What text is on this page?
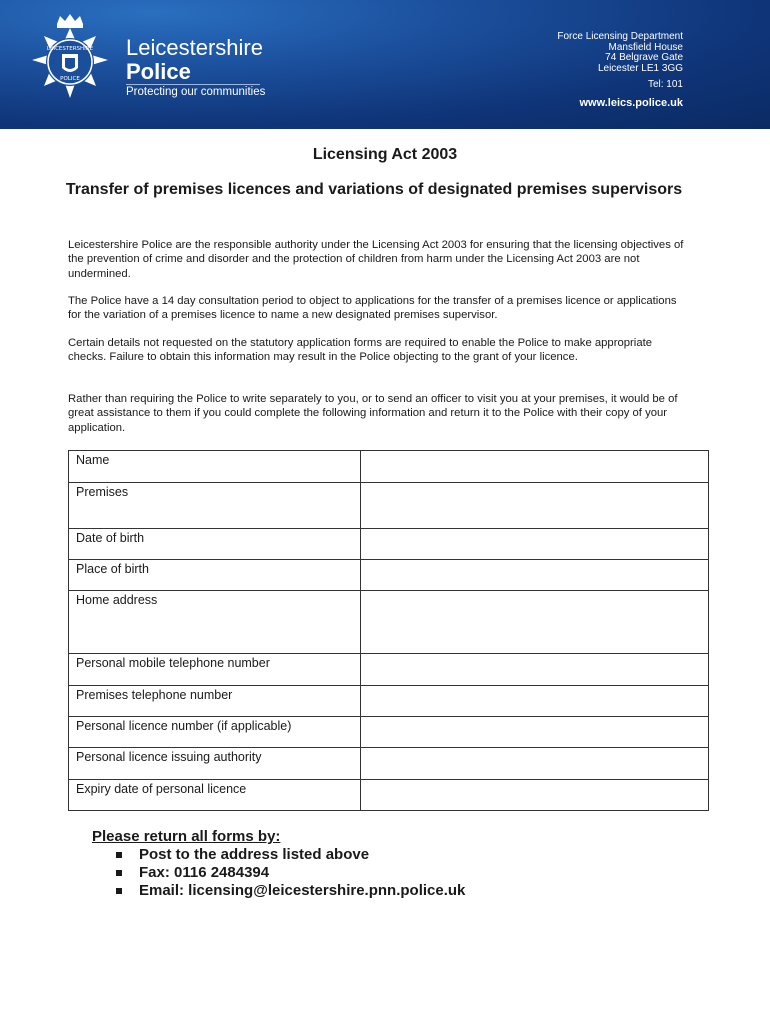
LEICESTERSHIRE
POLICE
Leicestershire
Police
Protecting our communities
Force Licensing Department
Mansfield House
74 Belgrave Gate
Leicester LE1 3GG
Tel: 101
www.leics.police.uk
Licensing Act 2003
Transfer of premises licences and variations of designated premises supervisors

Leicestershire Police are the responsible authority under the Licensing Act 2003 for ensuring that the licensing objectives of the prevention of crime and disorder and the protection of children from harm under the Licensing Act 2003 are not undermined.

The Police have a 14 day consultation period to object to applications for the transfer of a premises licence or applications for the variation of a premises licence to name a new designated premises supervisor.

Certain details not requested on the statutory application forms are required to enable the Police to make appropriate checks. Failure to obtain this information may result in the Police objecting to the grant of your licence.

Rather than requiring the Police to write separately to you, or to send an officer to visit you at your premises, it would be of great assistance to them if you could complete the following information and return it to the Police with their copy of your application.

Name	
Premises	
Date of birth	
Place of birth	
Home address	
Personal mobile telephone number	
Premises telephone number	
Personal licence number (if applicable)	
Personal licence issuing authority	
Expiry date of personal licence	
Please return all forms by:
Post to the address listed above
Fax: 0116 2484394
Email: licensing@leicestershire.pnn.police.uk
